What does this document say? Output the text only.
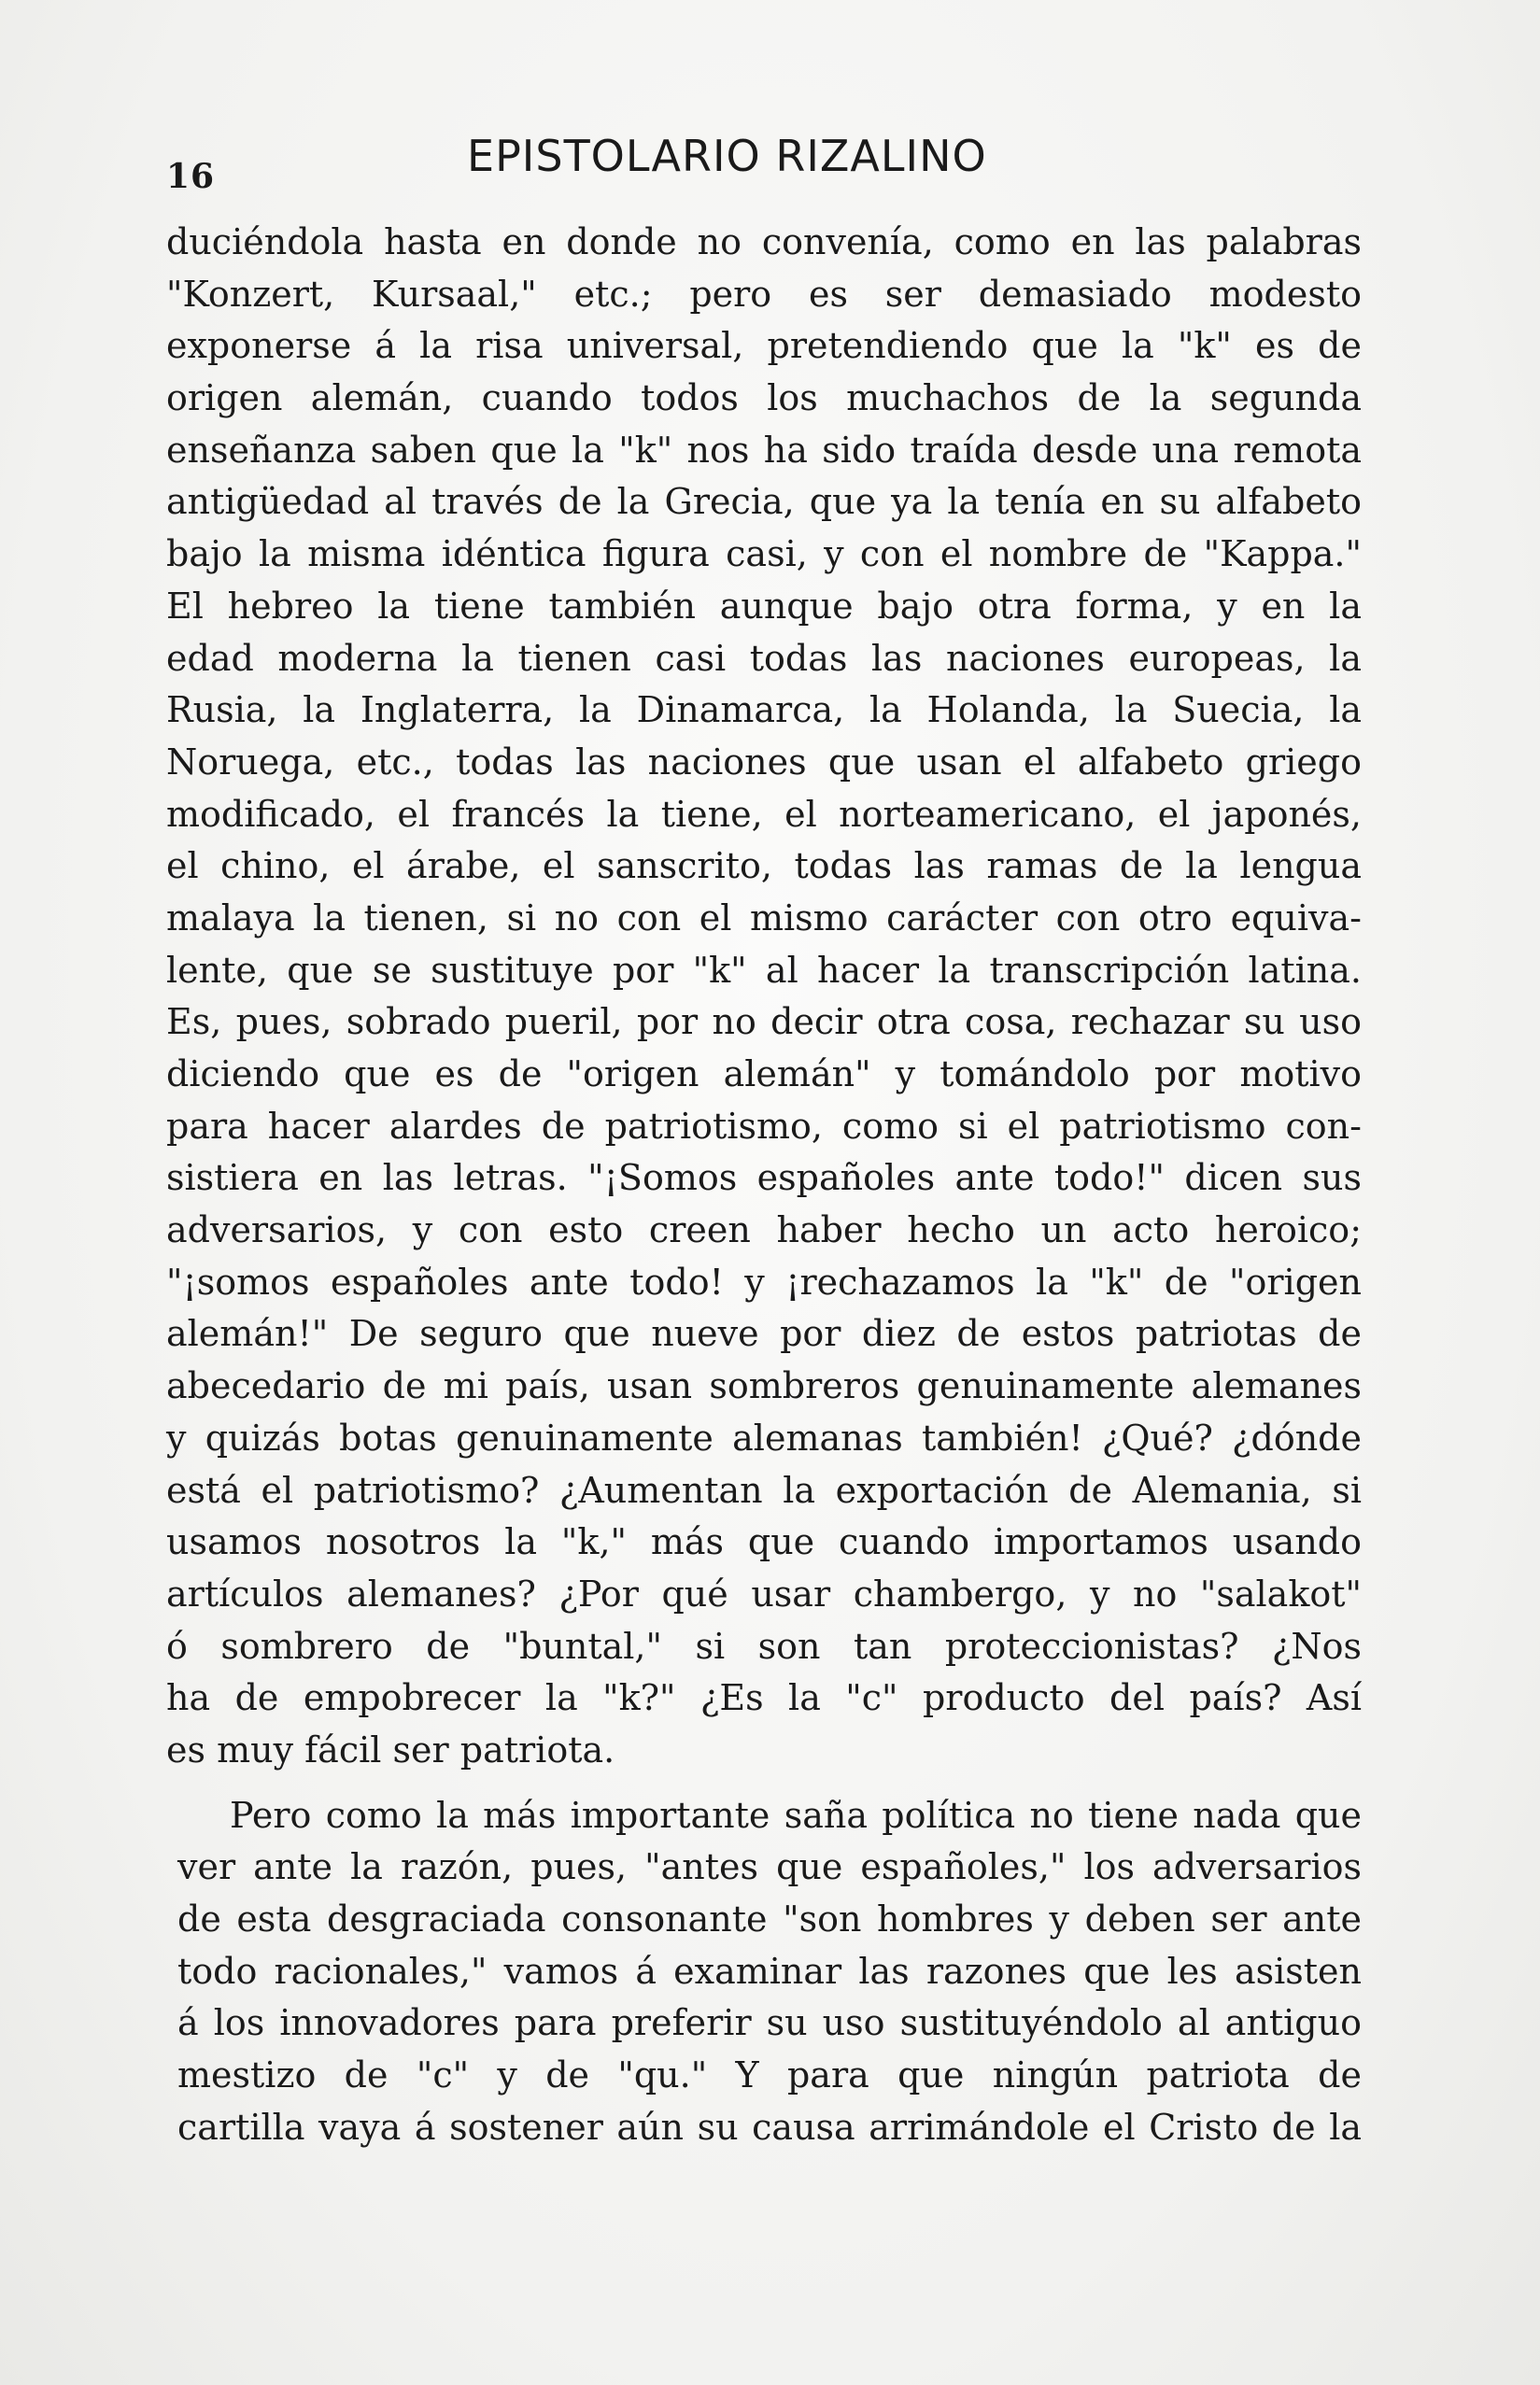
16	EPISTOLARIO RIZALINO
duciéndola hasta en donde no convenía, como en las palabras
"Konzert, Kursaal," etc.; pero es ser demasiado modesto
exponerse á la risa universal, pretendiendo que la "k" es de
origen alemán, cuando todos los muchachos de la segunda
enseñanza saben que la "k" nos ha sido traída desde una remota
antigüedad al través de la Grecia, que ya la tenía en su alfabeto
bajo la misma idéntica figura casi, y con el nombre de "Kappa."
El hebreo la tiene también aunque bajo otra forma, y en la
edad moderna la tienen casi todas las naciones europeas, la
Rusia, la Inglaterra, la Dinamarca, la Holanda, la Suecia, la
Noruega, etc., todas las naciones que usan el alfabeto griego
modificado, el francés la tiene, el norteamericano, el japonés,
el chino, el árabe, el sanscrito, todas las ramas de la lengua
malaya la tienen, si no con el mismo carácter con otro equiva-
lente, que se sustituye por "k" al hacer la transcripción latina.
Es, pues, sobrado pueril, por no decir otra cosa, rechazar su uso
diciendo que es de "origen alemán" y tomándolo por motivo
para hacer alardes de patriotismo, como si el patriotismo con-
sistiera en las letras. "¡Somos españoles ante todo!" dicen sus
adversarios, y con esto creen haber hecho un acto heroico;
"¡somos españoles ante todo! y ¡rechazamos la "k" de "origen
alemán!" De seguro que nueve por diez de estos patriotas de
abecedario de mi país, usan sombreros genuinamente alemanes
y quizás botas genuinamente alemanas también! ¿Qué? ¿dónde
está el patriotismo? ¿Aumentan la exportación de Alemania, si
usamos nosotros la "k," más que cuando importamos usando
artículos alemanes? ¿Por qué usar chambergo, y no "salakot"
ó sombrero de "buntal," si son tan proteccionistas? ¿Nos
ha de empobrecer la "k?" ¿Es la "c" producto del país? Así
es muy fácil ser patriota.
Pero como la más importante saña política no tiene nada que
ver ante la razón, pues, "antes que españoles," los adversarios
de esta desgraciada consonante "son hombres y deben ser ante
todo racionales," vamos á examinar las razones que les asisten
á los innovadores para preferir su uso sustituyéndolo al antiguo
mestizo de "c" y de "qu." Y para que ningún patriota de
cartilla vaya á sostener aún su causa arrimándole el Cristo de la
